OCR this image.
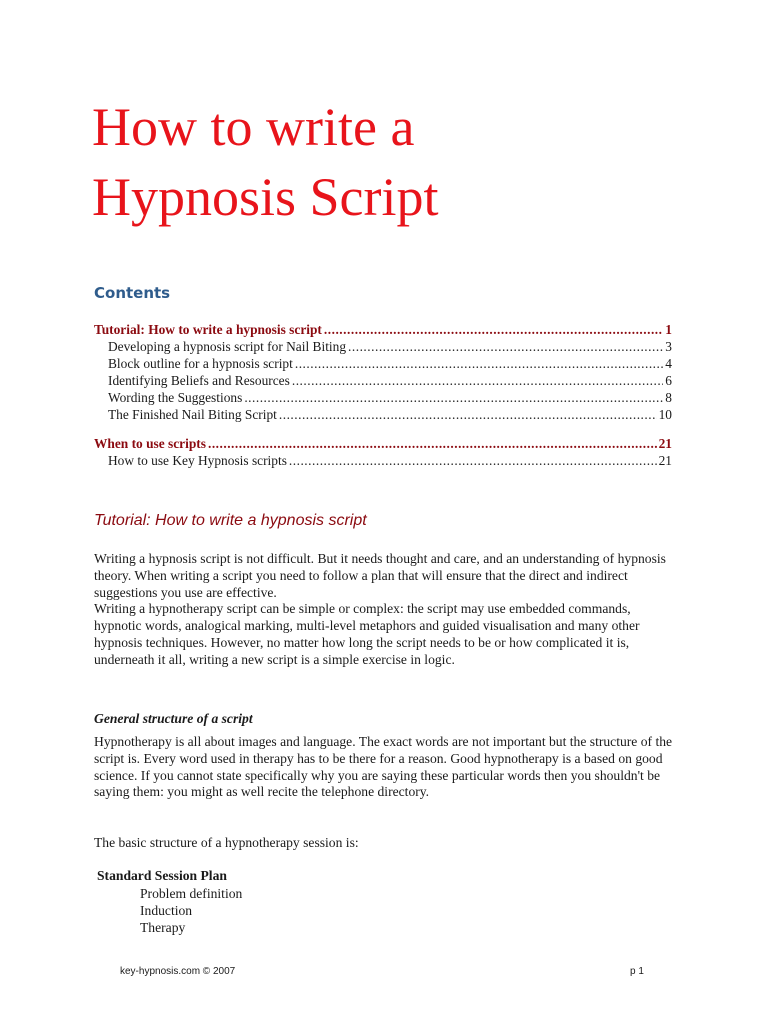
How to write a
Hypnosis Script
Contents
Tutorial: How to write a hypnosis script .....	1
Developing a hypnosis script for Nail Biting .....	3
Block outline for a hypnosis script .....	4
Identifying Beliefs and Resources .....	6
Wording the Suggestions .....	8
The Finished Nail Biting Script .....	10
When to use scripts .....	21
How to use Key Hypnosis scripts .....	21
Tutorial: How to write a hypnosis script

Writing a hypnosis script is not difficult. But it needs thought and care, and an understanding of hypnosis theory. When writing a script you need to follow a plan that will ensure that the direct and indirect suggestions you use are effective.

Writing a hypnotherapy script can be simple or complex: the script may use embedded commands, hypnotic words, analogical marking, multi-level metaphors and guided visualisation and many other hypnosis techniques. However, no matter how long the script needs to be or how complicated it is, underneath it all, writing a new script is a simple exercise in logic.

General structure of a script

Hypnotherapy is all about images and language. The exact words are not important but the structure of the script is. Every word used in therapy has to be there for a reason. Good hypnotherapy is a based on good science. If you cannot state specifically why you are saying these particular words then you shouldn't be saying them: you might as well recite the telephone directory.

The basic structure of a hypnotherapy session is:

Standard Session Plan

Problem definition
Induction
Therapy
key-hypnosis.com © 2007	p 1
